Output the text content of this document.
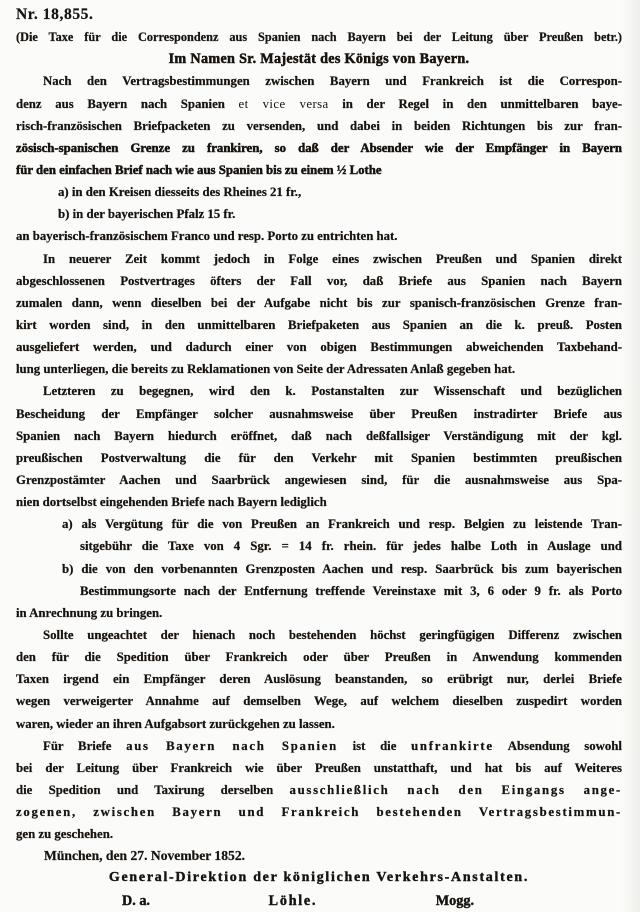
Nr. 18,855.
(Die Taxe für die Correspondenz aus Spanien nach Bayern bei der Leitung über Preußen betr.)
Im Namen Sr. Majestät des Königs von Bayern.
Nach den Vertragsbestimmungen zwischen Bayern und Frankreich ist die Correspon-
denz aus Bayern nach Spanien et vice versa in der Regel in den unmittelbaren baye-
risch-französischen Briefpacketen zu versenden, und dabei in beiden Richtungen bis zur fran-
zösisch-spanischen Grenze zu frankiren, so daß der Absender wie der Empfänger in Bayern
für den einfachen Brief nach wie aus Spanien bis zu einem ½ Lothe
a) in den Kreisen diesseits des Rheines 21 fr.,
b) in der bayerischen Pfalz 15 fr.
an bayerisch-französischem Franco und resp. Porto zu entrichten hat.
In neuerer Zeit kommt jedoch in Folge eines zwischen Preußen und Spanien direkt
abgeschlossenen Postvertrages öfters der Fall vor, daß Briefe aus Spanien nach Bayern
zumalen dann, wenn dieselben bei der Aufgabe nicht bis zur spanisch-französischen Grenze fran-
kirt worden sind, in den unmittelbaren Briefpaketen aus Spanien an die k. preuß. Posten
ausgeliefert werden, und dadurch einer von obigen Bestimmungen abweichenden Taxbehand-
lung unterliegen, die bereits zu Reklamationen von Seite der Adressaten Anlaß gegeben hat.
Letzteren zu begegnen, wird den k. Postanstalten zur Wissenschaft und bezüglichen
Bescheidung der Empfänger solcher ausnahmsweise über Preußen instradirter Briefe aus
Spanien nach Bayern hiedurch eröffnet, daß nach deßfallsiger Verständigung mit der kgl.
preußischen Postverwaltung die für den Verkehr mit Spanien bestimmten preußischen
Grenzpostämter Aachen und Saarbrück angewiesen sind, für die ausnahmsweise aus Spa-
nien dortselbst eingehenden Briefe nach Bayern lediglich
a) als Vergütung für die von Preußen an Frankreich und resp. Belgien zu leistende Tran-
sitgebühr die Taxe von 4 Sgr. = 14 fr. rhein. für jedes halbe Loth in Auslage und
b) die von den vorbenannten Grenzposten Aachen und resp. Saarbrück bis zum bayerischen
Bestimmungsorte nach der Entfernung treffende Vereinstaxe mit 3, 6 oder 9 fr. als Porto
in Anrechnung zu bringen.
Sollte ungeachtet der hienach noch bestehenden höchst geringfügigen Differenz zwischen
den für die Spedition über Frankreich oder über Preußen in Anwendung kommenden
Taxen irgend ein Empfänger deren Auslösung beanstanden, so erübrigt nur, derlei Briefe
wegen verweigerter Annahme auf demselben Wege, auf welchem dieselben zuspedirt worden
waren, wieder an ihren Aufgabsort zurückgehen zu lassen.
Für Briefe aus Bayern nach Spanien ist die unfrankirte Absendung sowohl
bei der Leitung über Frankreich wie über Preußen unstatthaft, und hat bis auf Weiteres
die Spedition und Taxirung derselben ausschließlich nach den Eingangs ange-
zogenen, zwischen Bayern und Frankreich bestehenden Vertragsbestimmun-
gen zu geschehen.
München, den 27. November 1852.
General-Direktion der königlichen Verkehrs-Anstalten.
D. a.	Löhle.	Mogg.
